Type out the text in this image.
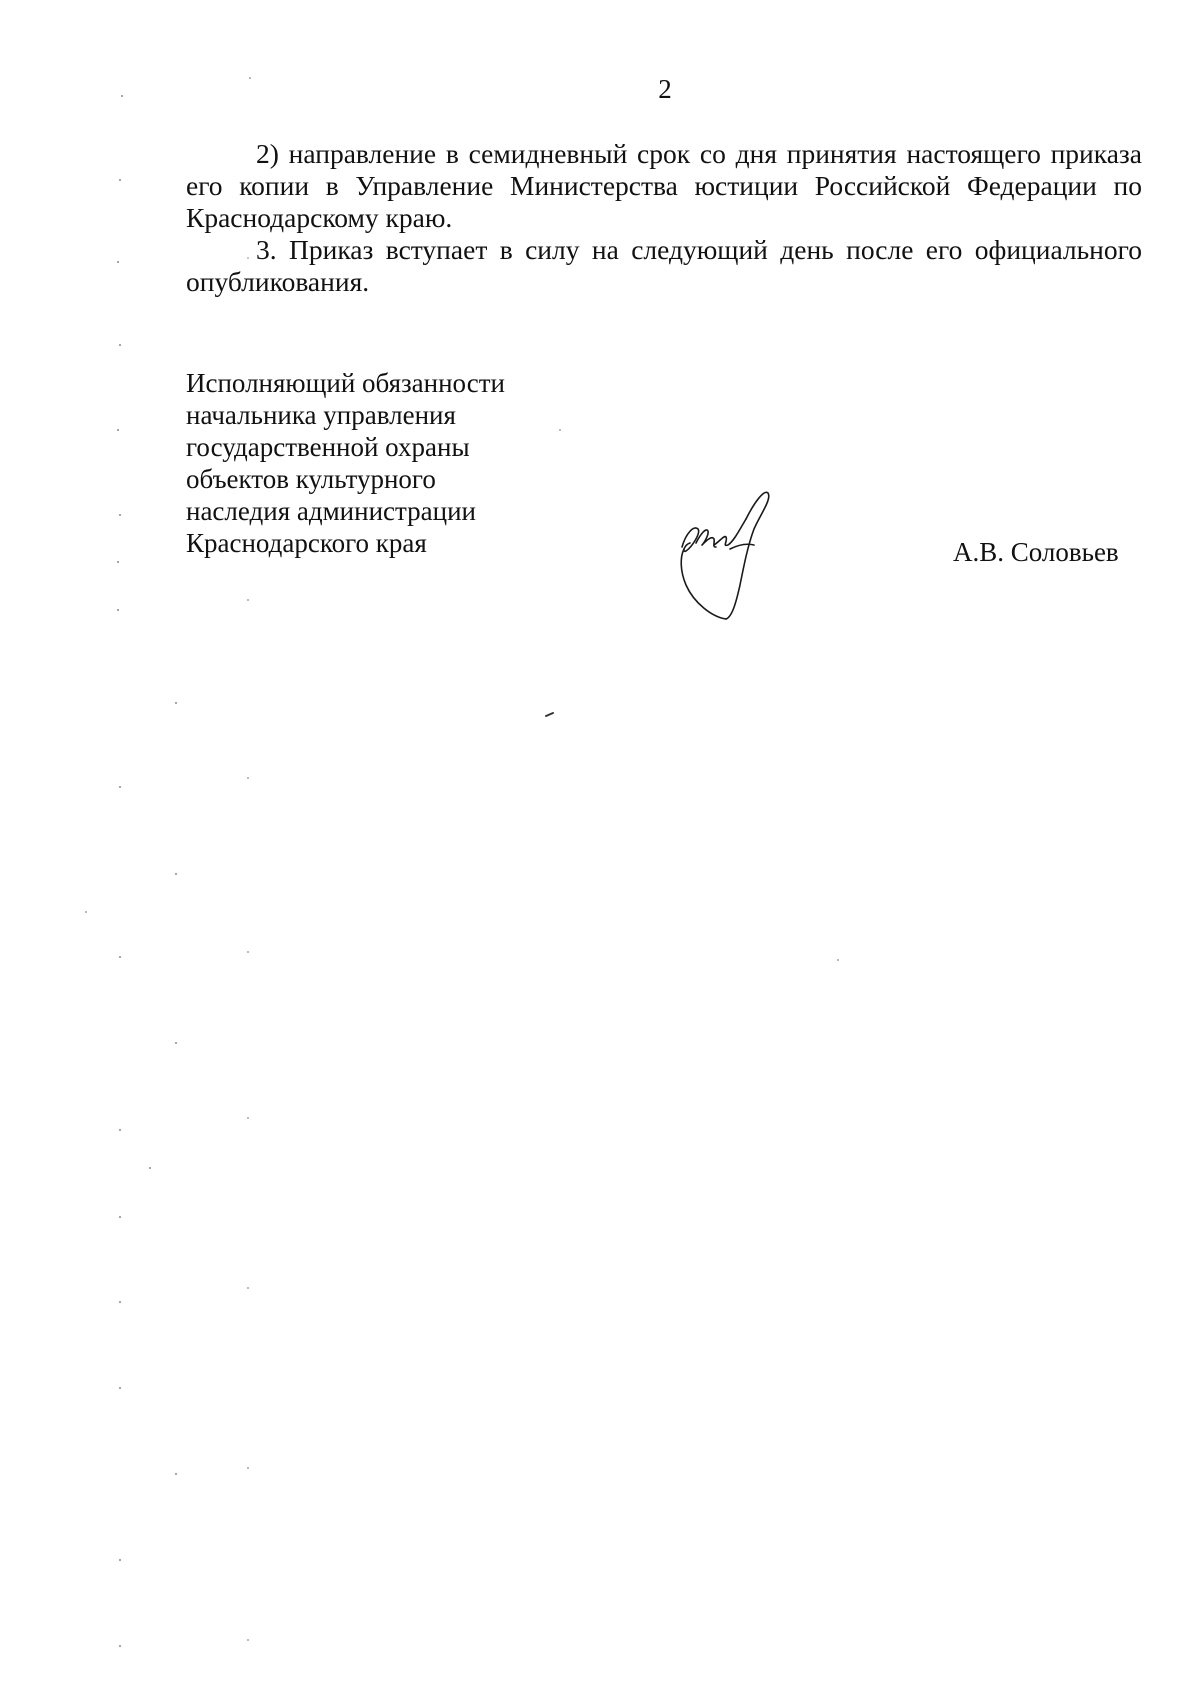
2

2) направление в семидневный срок со дня принятия настоящего приказа его копии в Управление Министерства юстиции Российской Федерации по Краснодарскому краю.

3. Приказ вступает в силу на следующий день после его официального опубликования.

Исполняющий обязанности
начальника управления
государственной охраны
объектов культурного
наследия администрации
Краснодарского края	А.В. Соловьев
